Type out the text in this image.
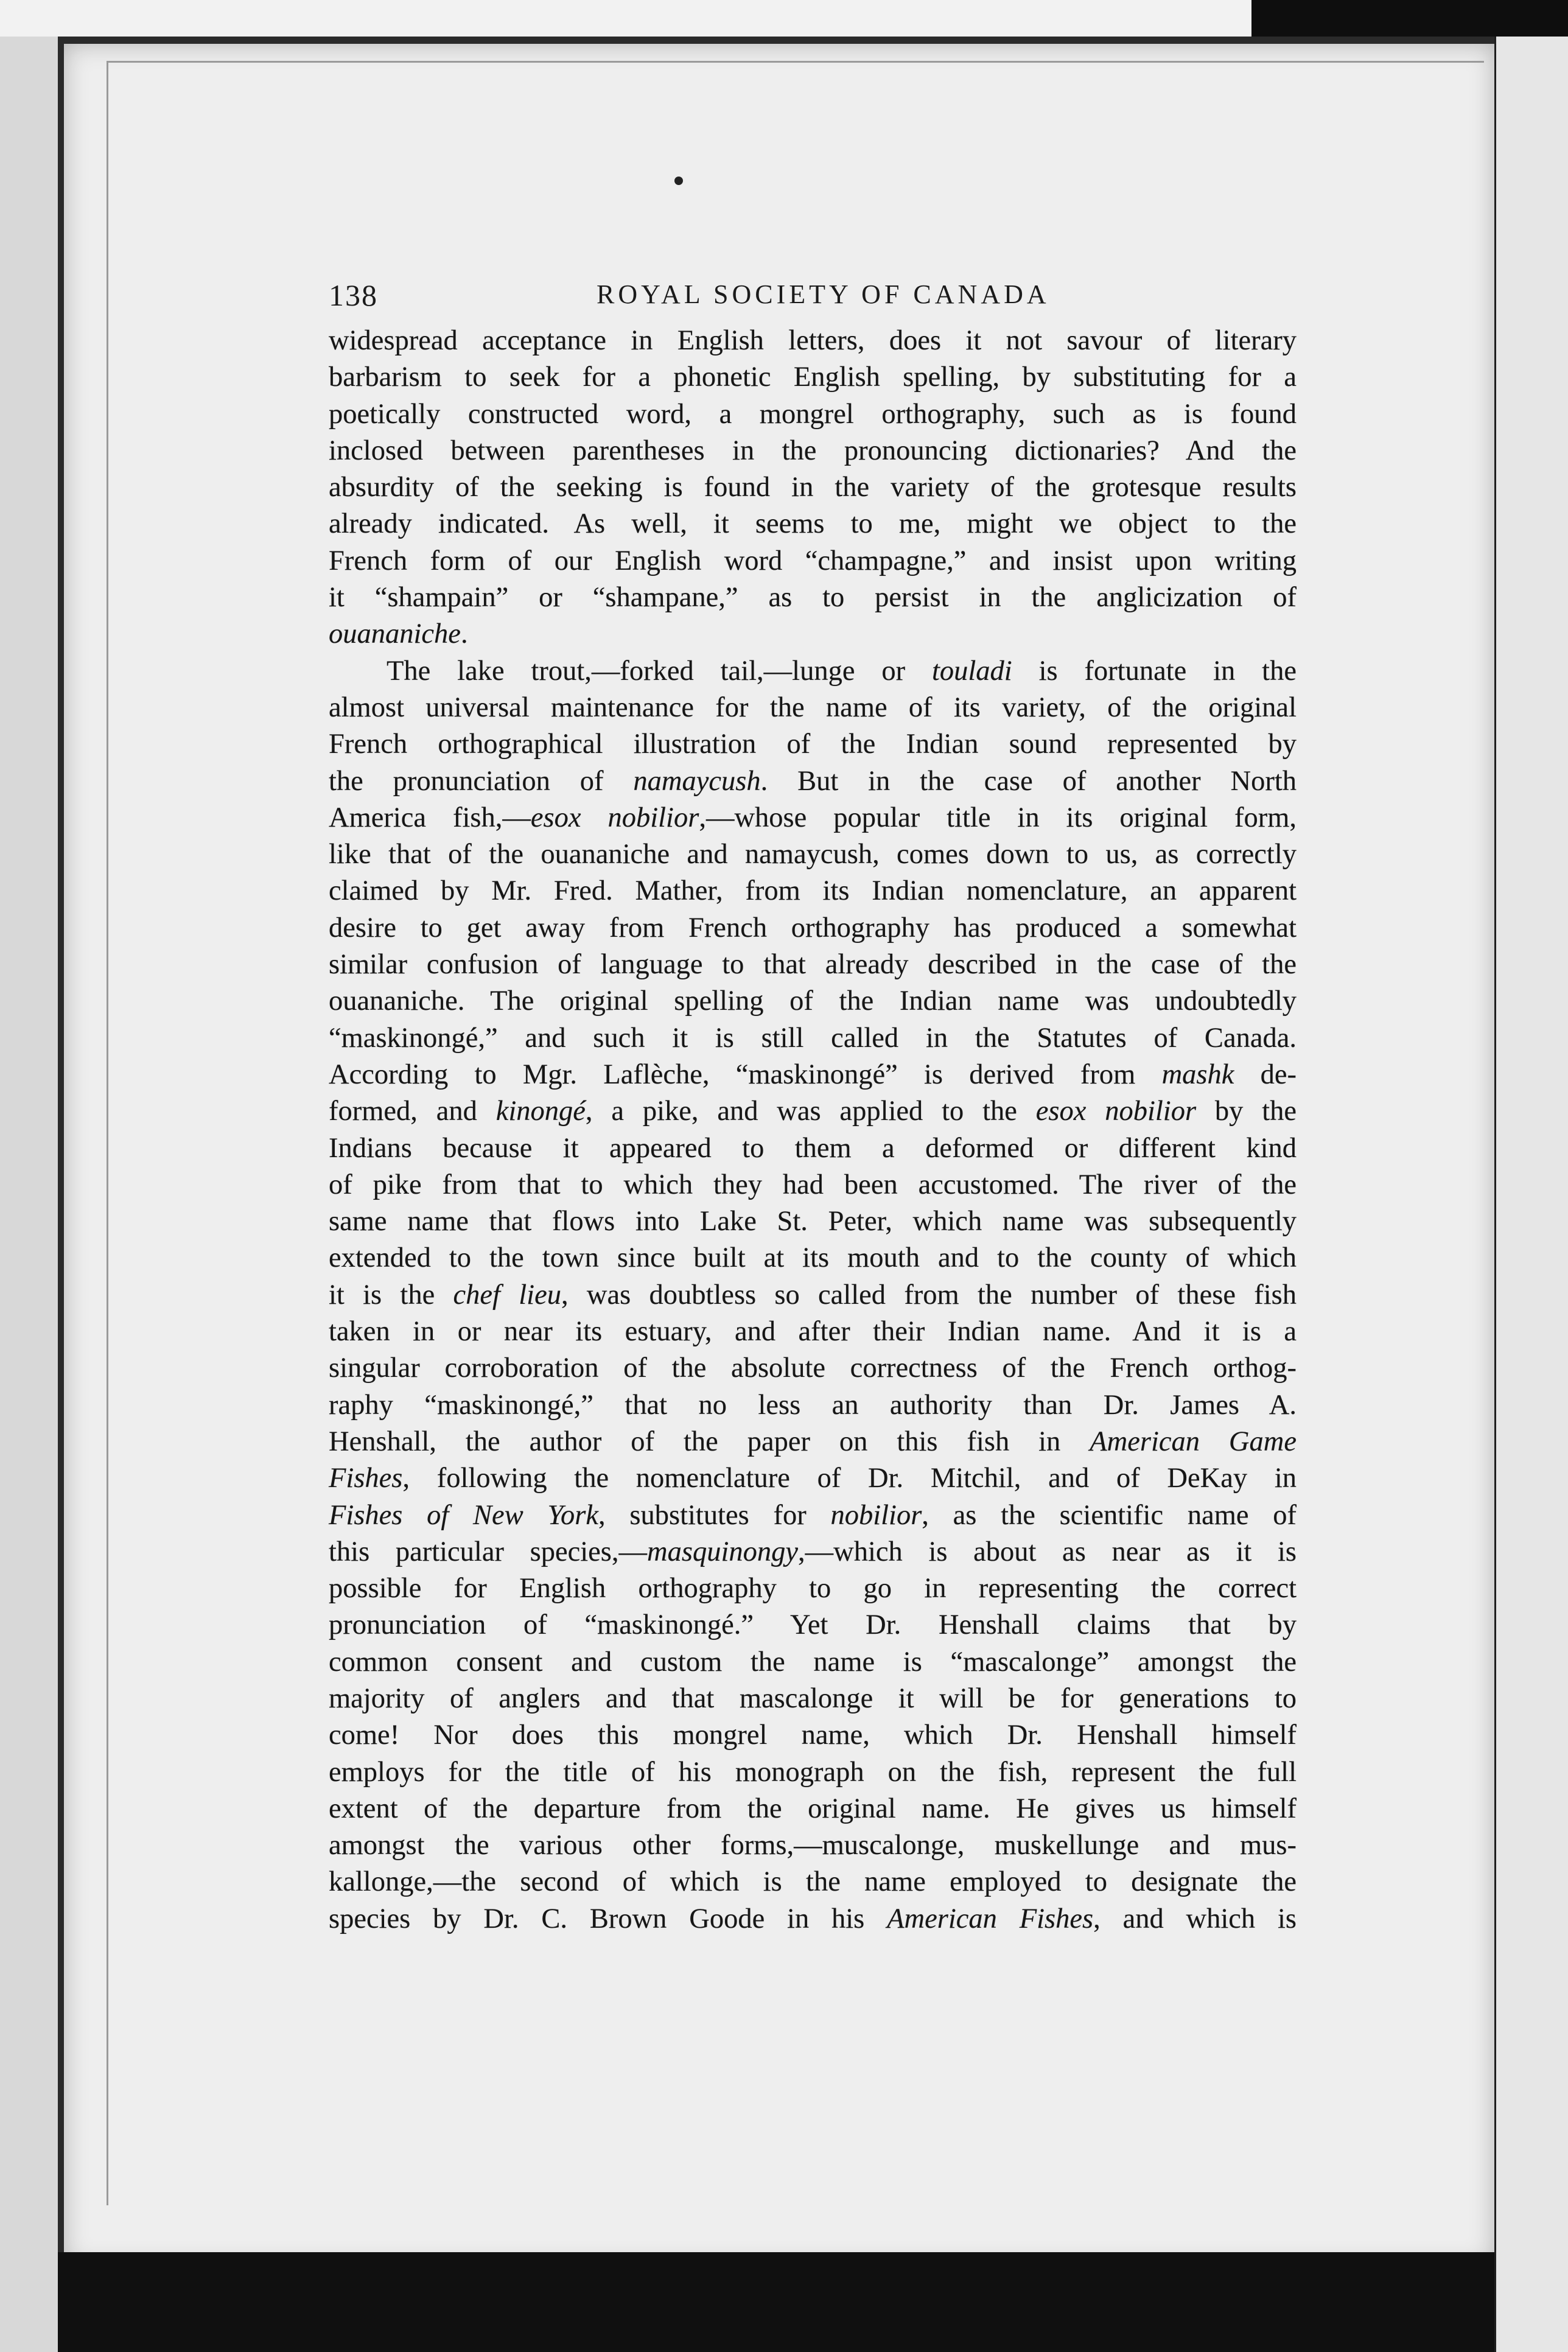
138	ROYAL SOCIETY OF CANADA
widespread acceptance in English letters, does it not savour of literary
barbarism to seek for a phonetic English spelling, by substituting for a
poetically constructed word, a mongrel orthography, such as is found
inclosed between parentheses in the pronouncing dictionaries? And the
absurdity of the seeking is found in the variety of the grotesque results
already indicated. As well, it seems to me, might we object to the
French form of our English word “champagne,” and insist upon writing
it “shampain” or “shampane,” as to persist in the anglicization of
ouananiche.
The lake trout,—forked tail,—lunge or touladi is fortunate in the
almost universal maintenance for the name of its variety, of the original
French orthographical illustration of the Indian sound represented by
the pronunciation of namaycush. But in the case of another North
America fish,—esox nobilior,—whose popular title in its original form,
like that of the ouananiche and namaycush, comes down to us, as correctly
claimed by Mr. Fred. Mather, from its Indian nomenclature, an apparent
desire to get away from French orthography has produced a somewhat
similar confusion of language to that already described in the case of the
ouananiche. The original spelling of the Indian name was undoubtedly
“maskinongé,” and such it is still called in the Statutes of Canada.
According to Mgr. Laflèche, “maskinongé” is derived from mashk de-
formed, and kinongé, a pike, and was applied to the esox nobilior by the
Indians because it appeared to them a deformed or different kind
of pike from that to which they had been accustomed. The river of the
same name that flows into Lake St. Peter, which name was subsequently
extended to the town since built at its mouth and to the county of which
it is the chef lieu, was doubtless so called from the number of these fish
taken in or near its estuary, and after their Indian name. And it is a
singular corroboration of the absolute correctness of the French orthog-
raphy “maskinongé,” that no less an authority than Dr. James A.
Henshall, the author of the paper on this fish in American Game
Fishes, following the nomenclature of Dr. Mitchil, and of DeKay in
Fishes of New York, substitutes for nobilior, as the scientific name of
this particular species,—masquinongy,—which is about as near as it is
possible for English orthography to go in representing the correct
pronunciation of “maskinongé.” Yet Dr. Henshall claims that by
common consent and custom the name is “mascalonge” amongst the
majority of anglers and that mascalonge it will be for generations to
come! Nor does this mongrel name, which Dr. Henshall himself
employs for the title of his monograph on the fish, represent the full
extent of the departure from the original name. He gives us himself
amongst the various other forms,—muscalonge, muskellunge and mus-
kallonge,—the second of which is the name employed to designate the
species by Dr. C. Brown Goode in his American Fishes, and which is
